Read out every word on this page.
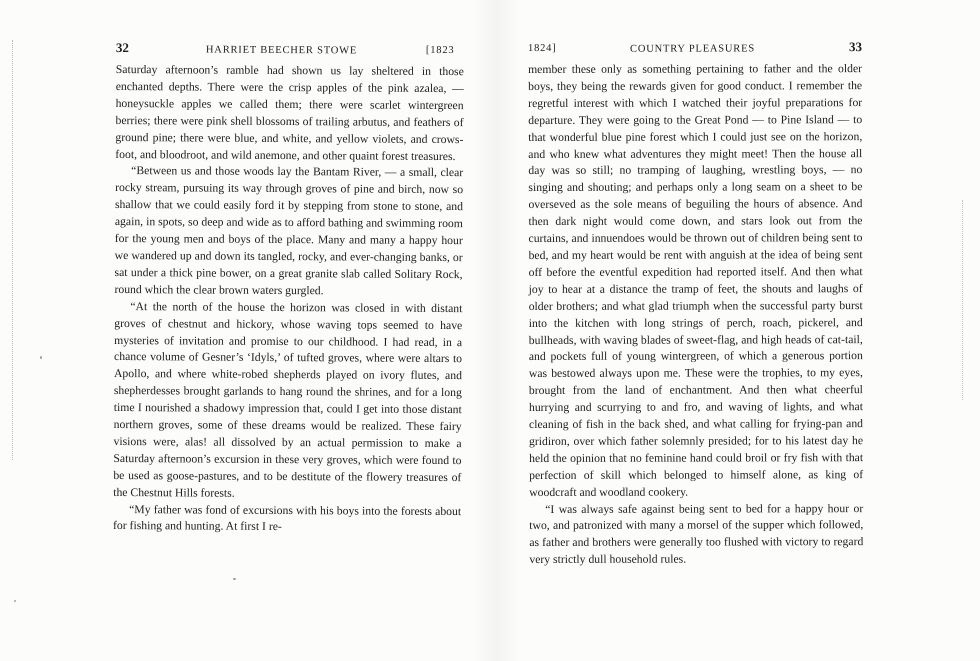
32	HARRIET BEECHER STOWE	[1823

Saturday afternoon’s ramble had shown us lay sheltered in those enchanted depths. There were the crisp apples of the pink azalea, — honeysuckle apples we called them; there were scarlet wintergreen berries; there were pink shell blossoms of trailing arbutus, and feathers of ground pine; there were blue, and white, and yellow violets, and crows-foot, and bloodroot, and wild anemone, and other quaint forest treasures.

“Between us and those woods lay the Bantam River, — a small, clear rocky stream, pursuing its way through groves of pine and birch, now so shallow that we could easily ford it by stepping from stone to stone, and again, in spots, so deep and wide as to afford bathing and swimming room for the young men and boys of the place. Many and many a happy hour we wandered up and down its tangled, rocky, and ever-changing banks, or sat under a thick pine bower, on a great granite slab called Solitary Rock, round which the clear brown waters gurgled.

“At the north of the house the horizon was closed in with distant groves of chestnut and hickory, whose waving tops seemed to have mysteries of invitation and promise to our childhood. I had read, in a chance volume of Gesner’s ‘Idyls,’ of tufted groves, where were altars to Apollo, and where white-robed shepherds played on ivory flutes, and shepherdesses brought garlands to hang round the shrines, and for a long time I nourished a shadowy impression that, could I get into those distant northern groves, some of these dreams would be realized. These fairy visions were, alas! all dissolved by an actual permission to make a Saturday afternoon’s excursion in these very groves, which were found to be used as goose-pastures, and to be destitute of the flowery treasures of the Chestnut Hills forests.

“My father was fond of excursions with his boys into the forests about for fishing and hunting. At first I re-

1824]	COUNTRY PLEASURES	33

member these only as something pertaining to father and the older boys, they being the rewards given for good conduct. I remember the regretful interest with which I watched their joyful preparations for departure. They were going to the Great Pond — to Pine Island — to that wonderful blue pine forest which I could just see on the horizon, and who knew what adventures they might meet! Then the house all day was so still; no tramping of laughing, wrestling boys, — no singing and shouting; and perhaps only a long seam on a sheet to be overseved as the sole means of beguiling the hours of absence. And then dark night would come down, and stars look out from the curtains, and innuendoes would be thrown out of children being sent to bed, and my heart would be rent with anguish at the idea of being sent off before the eventful expedition had reported itself. And then what joy to hear at a distance the tramp of feet, the shouts and laughs of older brothers; and what glad triumph when the successful party burst into the kitchen with long strings of perch, roach, pickerel, and bullheads, with waving blades of sweet-flag, and high heads of cat-tail, and pockets full of young wintergreen, of which a generous portion was bestowed always upon me. These were the trophies, to my eyes, brought from the land of enchantment. And then what cheerful hurrying and scurrying to and fro, and waving of lights, and what cleaning of fish in the back shed, and what calling for frying-pan and gridiron, over which father solemnly presided; for to his latest day he held the opinion that no feminine hand could broil or fry fish with that perfection of skill which belonged to himself alone, as king of woodcraft and woodland cookery.

“I was always safe against being sent to bed for a happy hour or two, and patronized with many a morsel of the supper which followed, as father and brothers were generally too flushed with victory to regard very strictly dull household rules.
